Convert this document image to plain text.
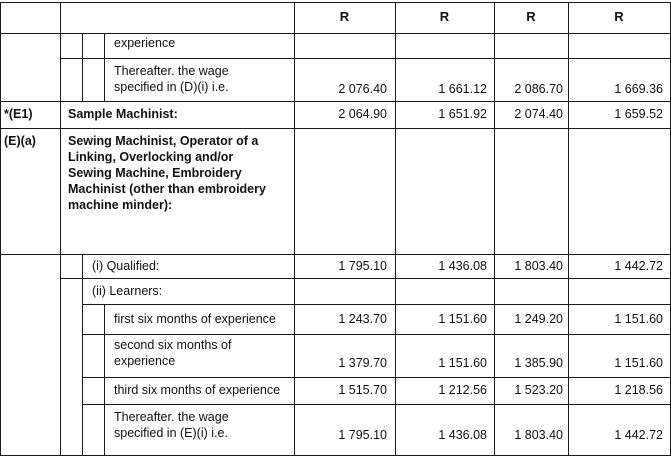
R	R	R	R
experience
Thereafter. the wage
specified in (D)(i) i.e.	2 076.40	1 661.12	2 086.70	1 669.36
*(E1)	Sample Machinist:	2 064.90	1 651.92	2 074.40	1 659.52
(E)(a)	Sewing Machinist, Operator of a
Linking, Overlocking and/or
Sewing Machine, Embroidery
Machinist (other than embroidery
machine minder):
(i) Qualified:	1 795.10	1 436.08	1 803.40	1 442.72
(ii) Learners:
first six months of experience	1 243.70	1 151.60	1 249.20	1 151.60
second six months of
experience	1 379.70	1 151.60	1 385.90	1 151.60
third six months of experience	1 515.70	1 212.56	1 523.20	1 218.56
Thereafter. the wage
specified in (E)(i) i.e.	1 795.10	1 436.08	1 803.40	1 442.72
